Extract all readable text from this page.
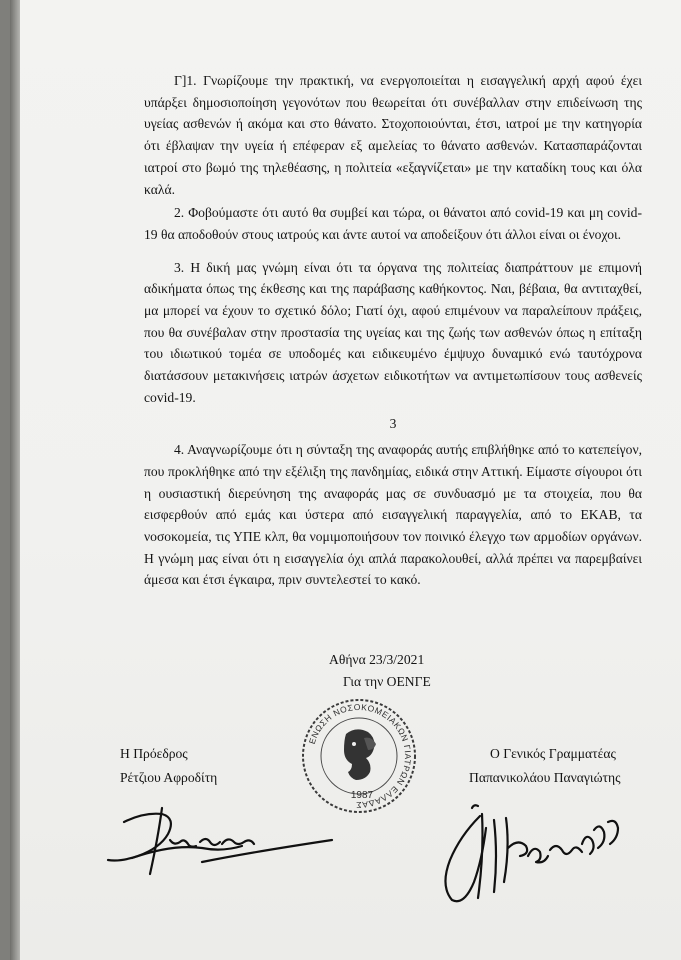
Γ]1. Γνωρίζουμε την πρακτική, να ενεργοποιείται η εισαγγελική αρχή αφού έχει υπάρξει δημοσιοποίηση γεγονότων που θεωρείται ότι συνέβαλλαν στην επιδείνωση της υγείας ασθενών ή ακόμα και στο θάνατο. Στοχοποιούνται, έτσι, ιατροί με την κατηγορία ότι έβλαψαν την υγεία ή επέφεραν εξ αμελείας το θάνατο ασθενών. Κατασπαράζονται ιατροί στο βωμό της τηλεθέασης, η πολιτεία «εξαγνίζεται» με την καταδίκη τους και όλα καλά.

2. Φοβούμαστε ότι αυτό θα συμβεί και τώρα, οι θάνατοι από covid-19 και μη covid-19 θα αποδοθούν στους ιατρούς και άντε αυτοί να αποδείξουν ότι άλλοι είναι οι ένοχοι.

3. Η δική μας γνώμη είναι ότι τα όργανα της πολιτείας διαπράττουν με επιμονή αδικήματα όπως της έκθεσης και της παράβασης καθήκοντος. Ναι, βέβαια, θα αντιταχθεί, μα μπορεί να έχουν το σχετικό δόλο; Γιατί όχι, αφού επιμένουν να παραλείπουν πράξεις, που θα συνέβαλαν στην προστασία της υγείας και της ζωής των ασθενών όπως η επίταξη του ιδιωτικού τομέα σε υποδομές και ειδικευμένο έμψυχο δυναμικό ενώ ταυτόχρονα διατάσσουν μετακινήσεις ιατρών άσχετων ειδικοτήτων να αντιμετωπίσουν τους ασθενείς covid-19.

3

4. Αναγνωρίζουμε ότι η σύνταξη της αναφοράς αυτής επιβλήθηκε από το κατεπείγον, που προκλήθηκε από την εξέλιξη της πανδημίας, ειδικά στην Αττική. Είμαστε σίγουροι ότι η ουσιαστική διερεύνηση της αναφοράς μας σε συνδυασμό με τα στοιχεία, που θα εισφερθούν από εμάς και ύστερα από εισαγγελική παραγγελία, από το ΕΚΑΒ, τα νοσοκομεία, τις ΥΠΕ κλπ, θα νομιμοποιήσουν τον ποινικό έλεγχο των αρμοδίων οργάνων. Η γνώμη μας είναι ότι η εισαγγελία όχι απλά παρακολουθεί, αλλά πρέπει να παρεμβαίνει άμεσα και έτσι έγκαιρα, πριν συντελεστεί το κακό.

Αθήνα 23/3/2021
Για την ΟΕΝΓΕ
Η Πρόεδρος
Ρέτζιου Αφροδίτη
Ο Γενικός Γραμματέας
Παπανικολάου Παναγιώτης
ΕΝΩΣΗ ΝΟΣΟΚΟΜΕΙΑΚΩΝ ΓΙΑΤΡΩΝ ΕΛΛΑΔΑΣ
1987
